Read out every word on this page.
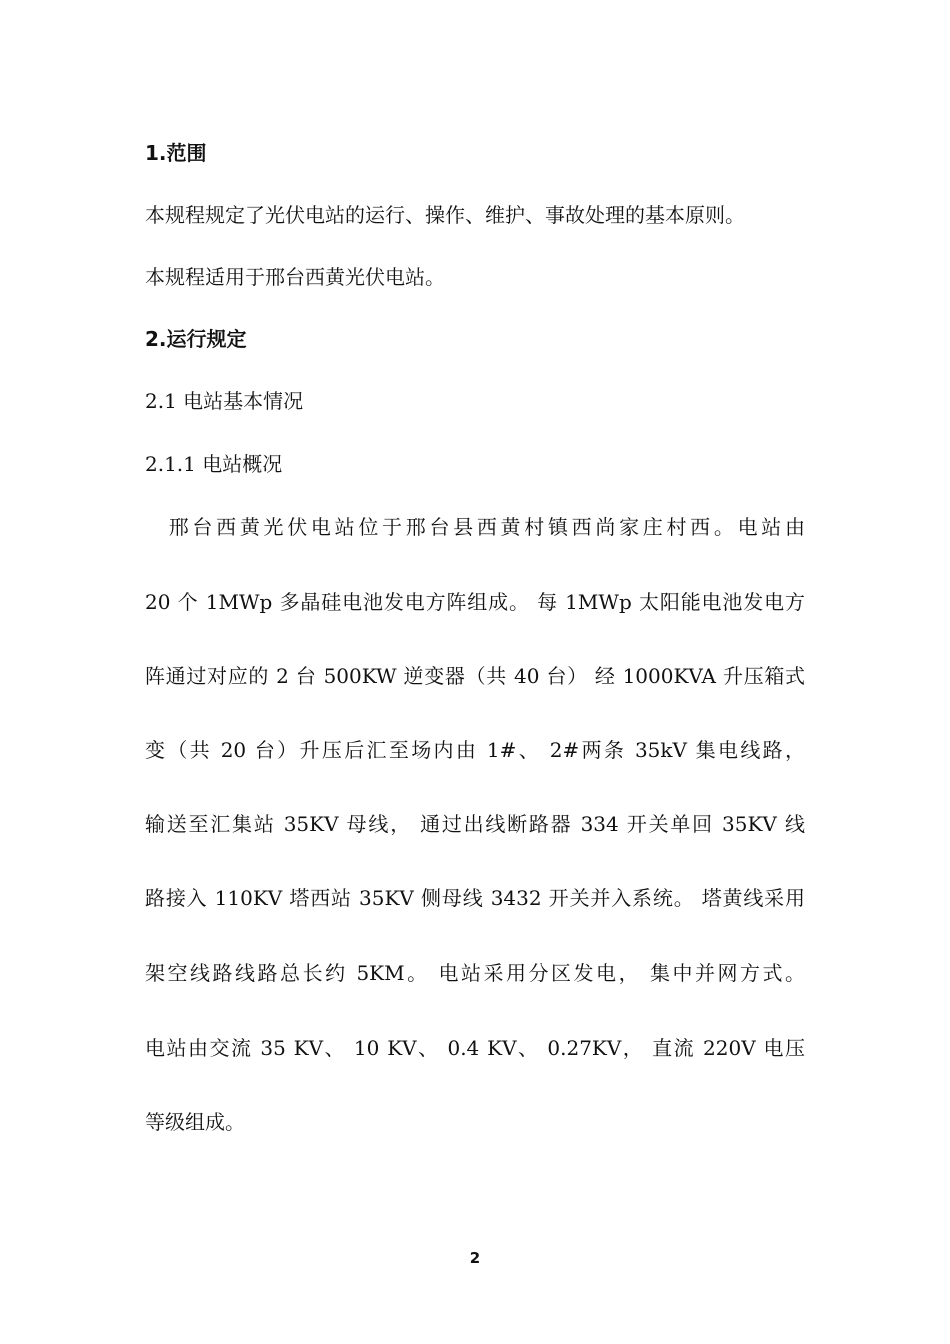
1.范围
本规程规定了光伏电站的运行、操作、维护、事故处理的基本原则。
本规程适用于邢台西黄光伏电站。
2.运行规定
2.1 电站基本情况
2.1.1 电站概况
　邢台西黄光伏电站位于邢台县西黄村镇西尚家庄村西。电站由
20 个 1MWp 多晶硅电池发电方阵组成。 每 1MWp 太阳能电池发电方
阵通过对应的 2 台 500KW 逆变器（共 40 台） 经 1000KVA 升压箱式
变（共 20 台）升压后汇至场内由 1#、 2#两条 35kV 集电线路，
输送至汇集站 35KV 母线， 通过出线断路器 334 开关单回 35KV 线
路接入 110KV 塔西站 35KV 侧母线 3432 开关并入系统。 塔黄线采用
架空线路线路总长约 5KM。 电站采用分区发电， 集中并网方式。
电站由交流 35 KV、 10 KV、 0.4 KV、 0.27KV， 直流 220V 电压
等级组成。
2
